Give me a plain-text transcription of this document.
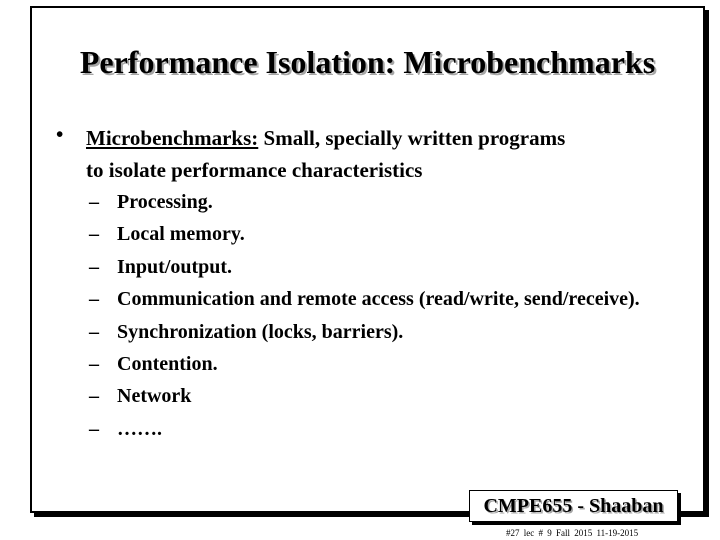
Performance Isolation: Microbenchmarks
• Microbenchmarks: Small, specially written programs
to isolate performance characteristics
– Processing.
– Local memory.
– Input/output.
– Communication and remote access (read/write, send/receive).
– Synchronization (locks, barriers).
– Contention.
– Network
– …….
CMPE655 - Shaaban
#27 lec # 9 Fall 2015 11-19-2015
